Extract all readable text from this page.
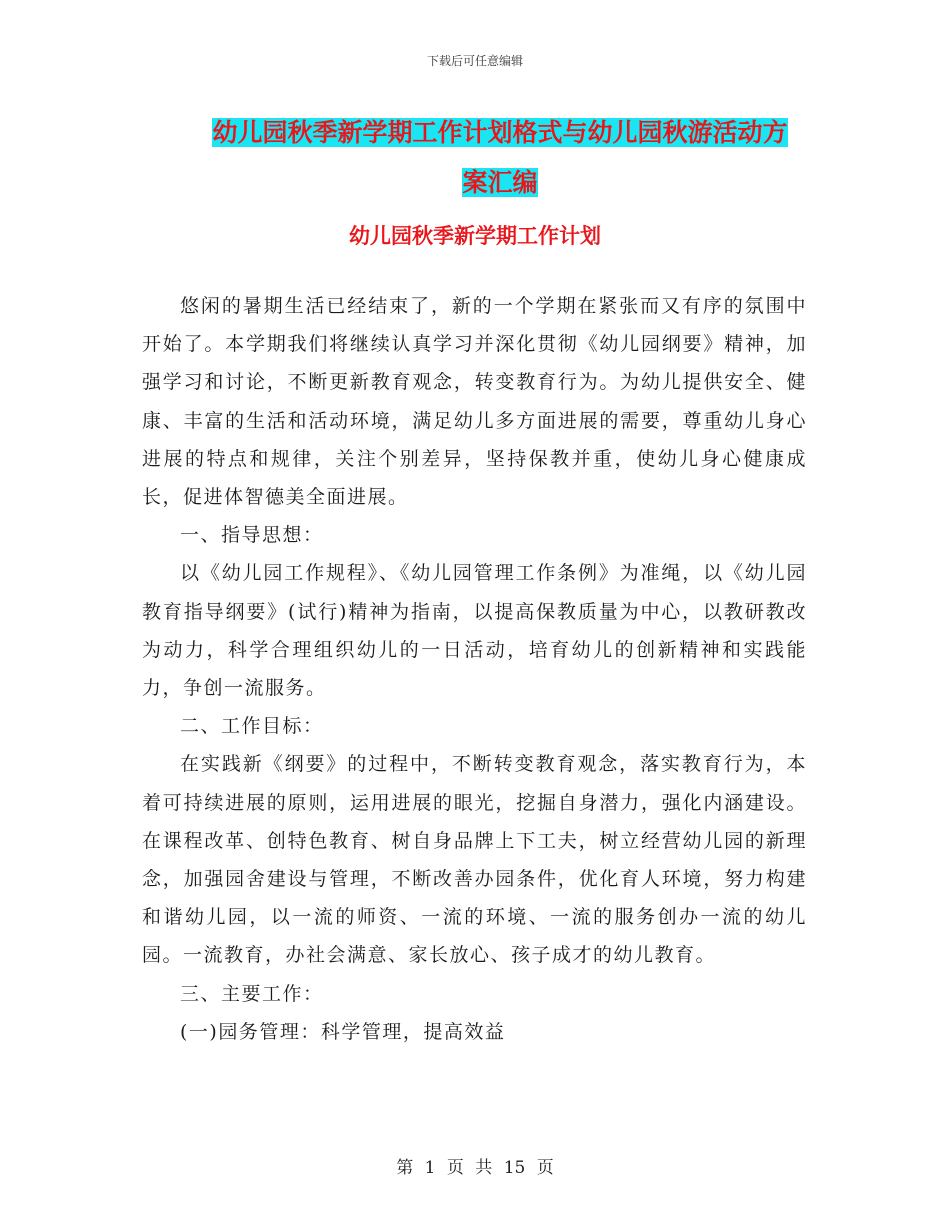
下载后可任意编辑
幼儿园秋季新学期工作计划格式与幼儿园秋游活动方
案汇编
幼儿园秋季新学期工作计划

悠闲的暑期生活已经结束了，新的一个学期在紧张而又有序的氛围中开始了。本学期我们将继续认真学习并深化贯彻《幼儿园纲要》精神，加强学习和讨论，不断更新教育观念，转变教育行为。为幼儿提供安全、健康、丰富的生活和活动环境，满足幼儿多方面进展的需要，尊重幼儿身心进展的特点和规律，关注个别差异，坚持保教并重，使幼儿身心健康成长，促进体智德美全面进展。

一、指导思想：

以《幼儿园工作规程》、《幼儿园管理工作条例》为准绳，以《幼儿园教育指导纲要》(试行)精神为指南，以提高保教质量为中心，以教研教改为动力，科学合理组织幼儿的一日活动，培育幼儿的创新精神和实践能力，争创一流服务。

二、工作目标：

在实践新《纲要》的过程中，不断转变教育观念，落实教育行为，本着可持续进展的原则，运用进展的眼光，挖掘自身潜力，强化内涵建设。在课程改革、创特色教育、树自身品牌上下工夫，树立经营幼儿园的新理念，加强园舍建设与管理，不断改善办园条件，优化育人环境，努力构建和谐幼儿园，以一流的师资、一流的环境、一流的服务创办一流的幼儿园。一流教育，办社会满意、家长放心、孩子成才的幼儿教育。

三、主要工作：

(一)园务管理：科学管理，提高效益

第 1 页 共 15 页
